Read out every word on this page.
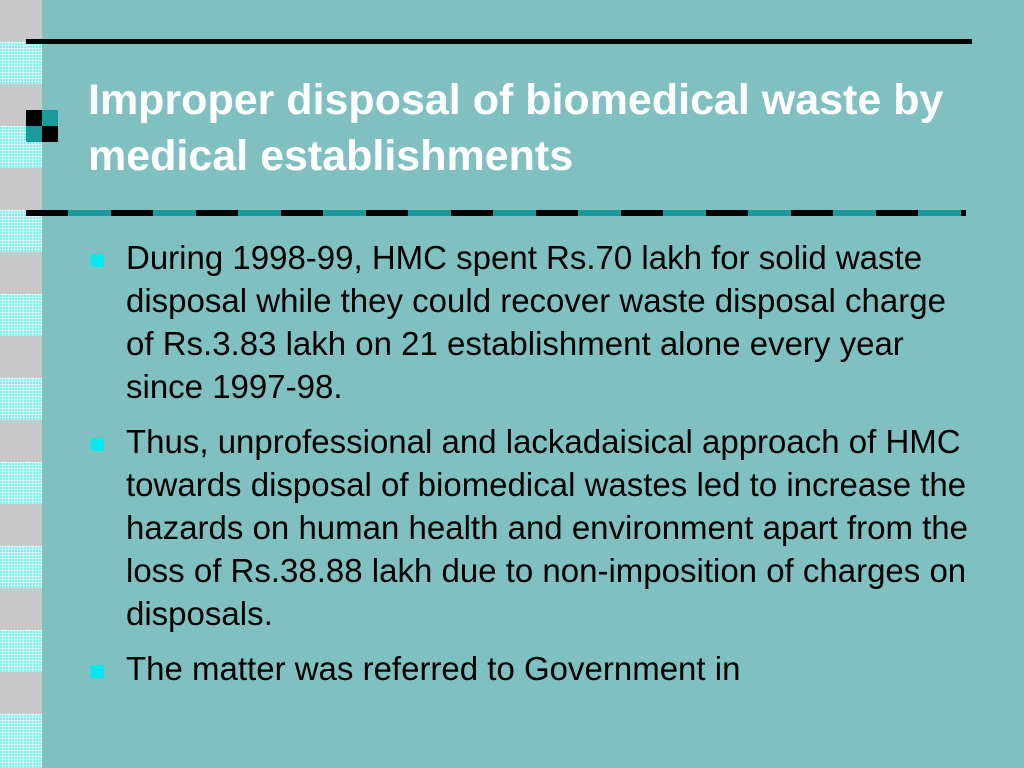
Improper disposal of biomedical waste by medical establishments
During 1998-99, HMC spent Rs.70 lakh for solid waste disposal while they could recover waste disposal charge of Rs.3.83 lakh on 21 establishment alone every year since 1997-98.
Thus, unprofessional and lackadaisical approach of HMC towards disposal of biomedical wastes led to increase the hazards on human health and environment apart from the loss of Rs.38.88 lakh due to non-imposition of charges on disposals.
The matter was referred to Government in
